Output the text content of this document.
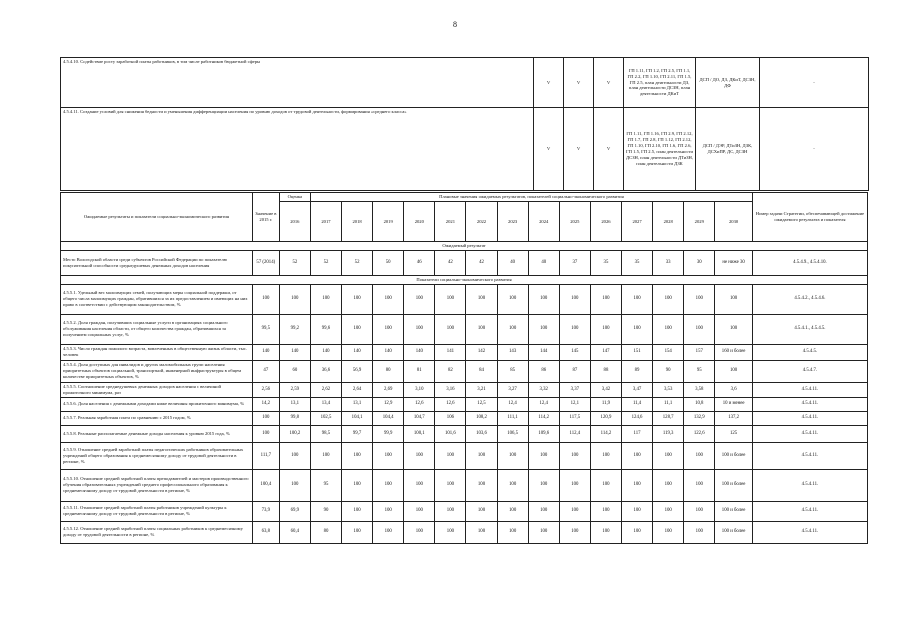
8
4.5.4.10. Содействие росту заработной платы работников, в том числе работников бюджетной сферы	V	V	V	ГП 1.11, ГП 1.2, ГП 2.5, ГП 1.1, ГП 2.2, ГП 1.10, ГП 2.11, ГП 1.5, ГП 2.5, план деятельности ДЗ, план деятельности ДСЗН, план деятельности ДКиТ	ДСП / ДО, ДЗ, ДКиТ, ДСЗН, ДФ	-
4.5.4.11. Создание условий для снижения бедности и уменьшения дифференциации населения по уровню доходов от трудовой деятельности, формирования «среднего класса»	V	V	V	ГП 1.11, ГП 1.16, ГП 2.9, ГП 2.12, ГП 1.7, ГП 2.8, ГП 1.12, ГП 2.12, ГП 1.10, ГП 2.10, ГП 1.6, ГП 2.6, ГП 1.5, ГП 2.5, план деятельности ДСЗН, план деятельности ДТиЗН, план деятельности ДЗК	ДСП / ДЭР, ДТиЗН, ДЗК, ДСХиПР, ДС, ДСЗН	-
Ожидаемые результаты и показатели социально-экономического развития	Значение в 2015 г.	Оценка	Плановые значения ожидаемых результатов, показателей социально-экономического развития														Номер задачи Стратегии, обеспечивающей достижение ожидаемого результата и показателя
		2016	2017	2018	2019	2020	2021	2022	2023	2024	2025	2026	2027	2028	2029	2030	
Ожидаемый результат																	
Место Вологодской области среди субъектов Российской Федерации по показателю покупательной способности среднедушевых денежных доходов населения	57 (2014)	52	52	52	50	46	42	42	40	40	37	35	35	33	30	не ниже 30	4.5.4.9., 4.5.4.10.
Показатели социально-экономического развития																	
4.5.5.1. Удельный вес малоимущих семей, получающих меры социальной поддержки, от общего числа малоимущих граждан, обратившихся за их предоставлением и имеющих на них право в соответствии с действующим законодательством, %	100	100	100	100	100	100	100	100	100	100	100	100	100	100	100	100	4.5.4.2., 4.5.4.6.
4.5.5.2. Доля граждан, получивших социальные услуги в организациях социального обслуживания населения области, от общего количества граждан, обратившихся за получением социальных услуг, %	99,5	99,2	99,6	100	100	100	100	100	100	100	100	100	100	100	100	100	4.5.4.1., 4.5.4.5.
4.5.5.3. Число граждан пожилого возраста, вовлеченных в общественную жизнь области, тыс. человек	140	140	140	140	140	140	141	142	143	144	145	147	151	154	157	160 и более	4.5.4.5.
4.5.5.4. Доля доступных для инвалидов и других маломобильных групп населения приоритетных объектов социальной, транспортной, инженерной инфраструктуры в общем количестве приоритетных объектов, %	47	60	36,6	56,9	80	81	82	84	85	86	87	88	89	90	95	100	4.5.4.7.
4.5.5.5. Соотношение среднедушевых денежных доходов населения с величиной прожиточного минимума, раз	2,56	2,59	2,62	2,64	2,69	3,10	3,16	3,21	3,27	3,32	3,37	3,42	3,47	3,53	3,58	3,6	4.5.4.11.
4.5.5.6. Доля населения с денежными доходами ниже величины прожиточного минимума, %	14,2	13,1	13,4	13,1	12,9	12,6	12,6	12,5	12,4	12,4	12,1	11,9	11,4	11,1	10,8	10 и менее	4.5.4.11.
4.5.5.7. Реальная заработная плата по сравнению с 2015 годом, %	100	99,8	102,5	104,1	104,4	104,7	106	108,2	111,1	114,2	117,5	120,9	124,6	128,7	132,9	137,2	4.5.4.11.
4.5.5.8. Реальные располагаемые денежные доходы населения к уровню 2015 года, %	100	100,2	98,5	99,7	99,9	100,1	101,6	103,6	106,5	109,6	112,4	114,2	117	119,3	122,6	125	4.5.4.11.
4.5.5.9. Отношение средней заработной платы педагогических работников образовательных учреждений общего образования к среднемесячному доходу от трудовой деятельности в регионе, %	111,7	100	100	100	100	100	100	100	100	100	100	100	100	100	100	100 и более	4.5.4.11.
4.5.5.10. Отношение средней заработной платы преподавателей и мастеров производственного обучения образовательных учреждений среднего профессионального образования к среднемесячному доходу от трудовой деятельности в регионе, %	100,4	100	95	100	100	100	100	100	100	100	100	100	100	100	100	100 и более	4.5.4.11.
4.5.5.11. Отношение средней заработной платы работников учреждений культуры к среднемесячному доходу от трудовой деятельности в регионе, %	73,9	69,9	90	100	100	100	100	100	100	100	100	100	100	100	100	100 и более	4.5.4.11.
4.5.5.12. Отношение средней заработной платы социальных работников к среднемесячному доходу от трудовой деятельности в регионе, %	63,8	60,4	80	100	100	100	100	100	100	100	100	100	100	100	100	100 и более	4.5.4.11.
